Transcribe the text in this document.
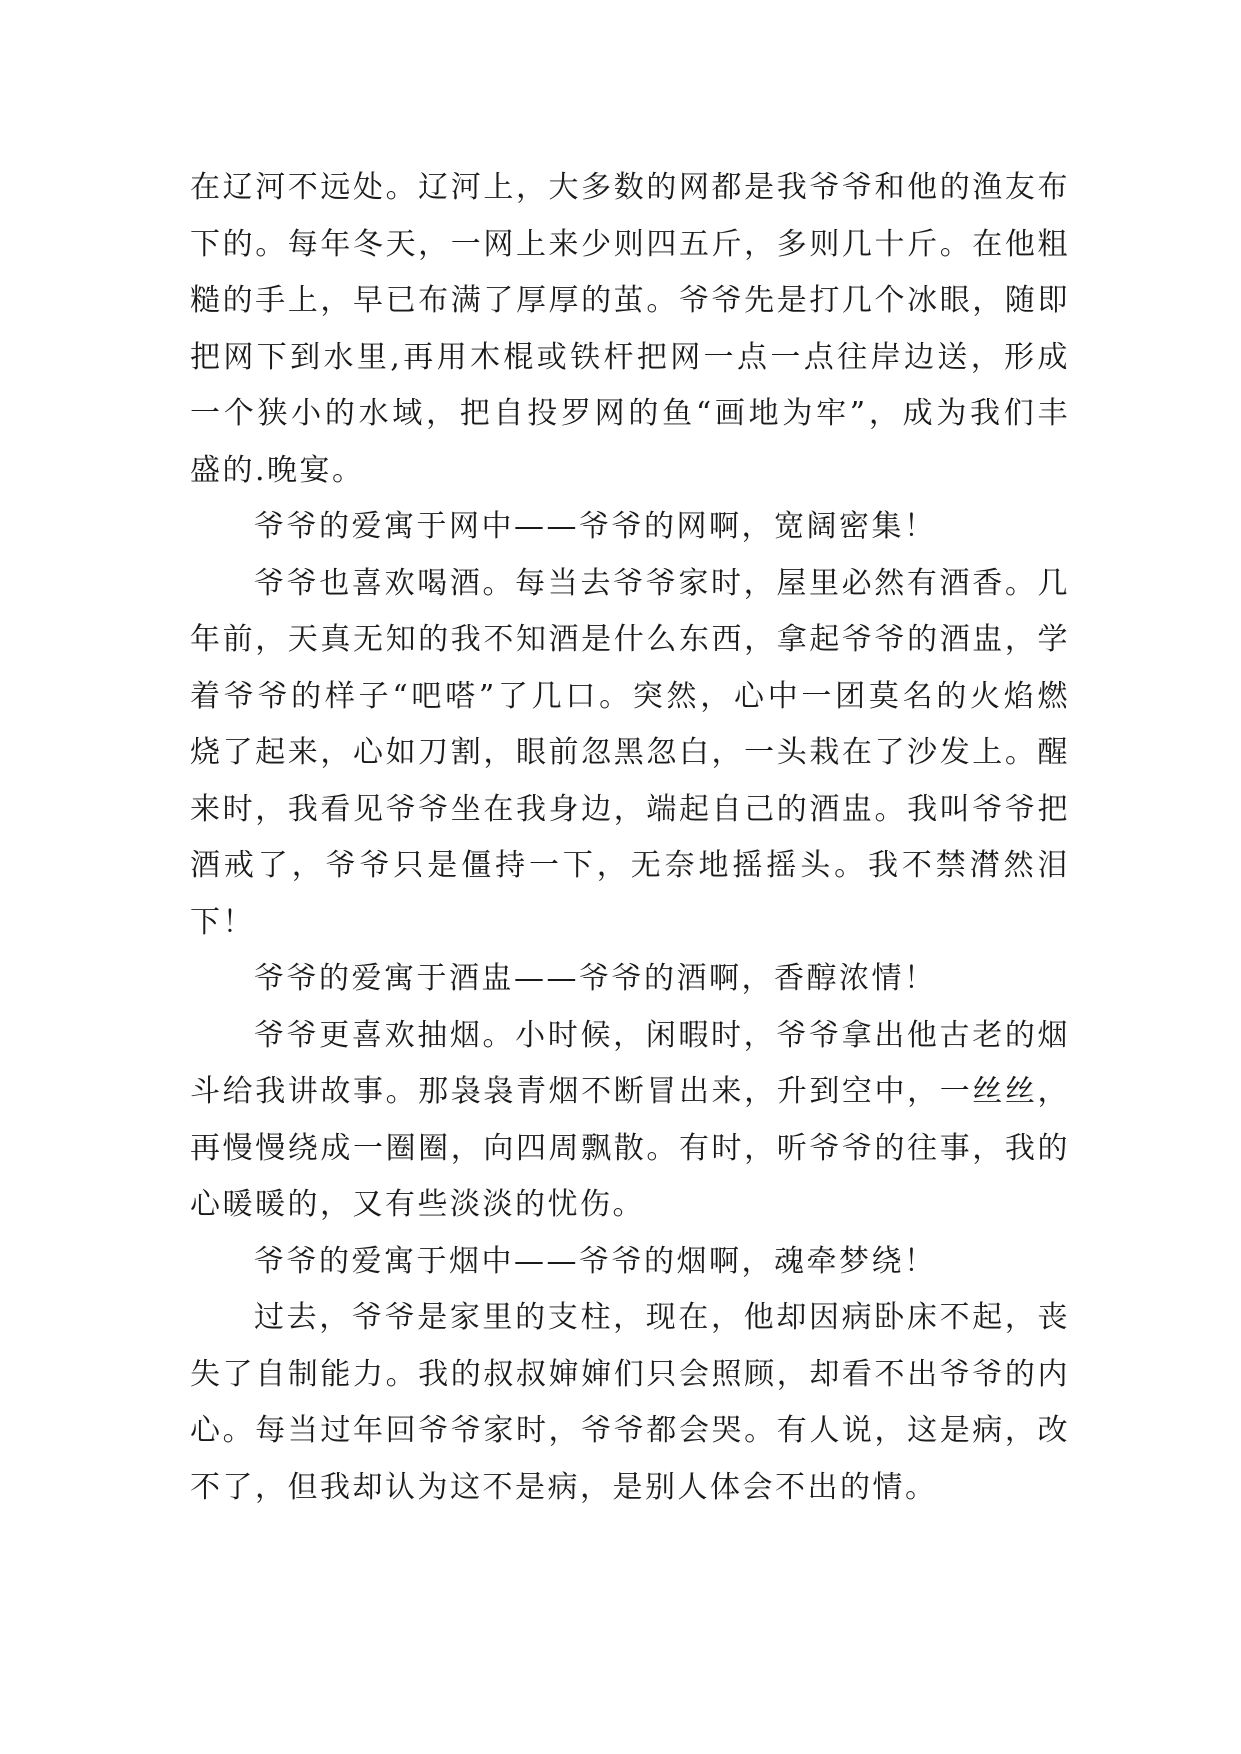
在辽河不远处。辽河上，大多数的网都是我爷爷和他的渔友布下的。每年冬天，一网上来少则四五斤，多则几十斤。在他粗糙的手上，早已布满了厚厚的茧。爷爷先是打几个冰眼，随即把网下到水里,再用木棍或铁杆把网一点一点往岸边送，形成一个狭小的水域，把自投罗网的鱼“画地为牢”，成为我们丰盛的.晚宴。

爷爷的爱寓于网中——爷爷的网啊，宽阔密集！

爷爷也喜欢喝酒。每当去爷爷家时，屋里必然有酒香。几年前，天真无知的我不知酒是什么东西，拿起爷爷的酒盅，学着爷爷的样子“吧嗒”了几口。突然，心中一团莫名的火焰燃烧了起来，心如刀割，眼前忽黑忽白，一头栽在了沙发上。醒来时，我看见爷爷坐在我身边，端起自己的酒盅。我叫爷爷把酒戒了，爷爷只是僵持一下，无奈地摇摇头。我不禁潸然泪下！

爷爷的爱寓于酒盅——爷爷的酒啊，香醇浓情！

爷爷更喜欢抽烟。小时候，闲暇时，爷爷拿出他古老的烟斗给我讲故事。那袅袅青烟不断冒出来，升到空中，一丝丝，再慢慢绕成一圈圈，向四周飘散。有时，听爷爷的往事，我的心暖暖的，又有些淡淡的忧伤。

爷爷的爱寓于烟中——爷爷的烟啊，魂牵梦绕！

过去，爷爷是家里的支柱，现在，他却因病卧床不起，丧失了自制能力。我的叔叔婶婶们只会照顾，却看不出爷爷的内心。每当过年回爷爷家时，爷爷都会哭。有人说，这是病，改不了，但我却认为这不是病，是别人体会不出的情。
